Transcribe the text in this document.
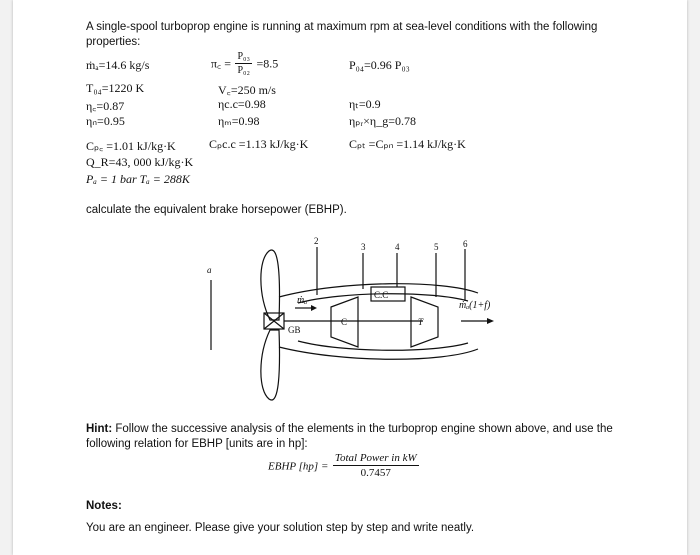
A single-spool turboprop engine is running at maximum rpm at sea-level conditions with the following properties:
ṁₐ=14.6 kg/s	π꜀ = $\frac{\text{P₀₃}}{\text{P₀₂}} =8.5$	P₀₄=0.96 P₀₃
T₀₄=1220 K	V꜀=250 m/s
η꜀=0.87	ηc.c=0.98	ηₜ=0.9
ηₙ=0.95	ηₘ=0.98	ηₚᵣ×η_g=0.78
Cₚ꜀ =1.01 kJ/kg·K	Cₚc.c =1.13 kJ/kg·K	Cₚₜ =Cₚₙ =1.14 kJ/kg·K
Q_R=43, 000 kJ/kg·K
Pₐ = 1 bar Tₐ = 288K
calculate the equivalent brake horsepower (EBHP).
a
2
3	4	5	6
ṁₐ	ṁₐ(1+f)
GB
C
C.C
T
Hint: Follow the successive analysis of the elements in the turboprop engine shown above, and use the following relation for EBHP [units are in hp]:
EBHP $[hp] = \frac{\text{Total Power in kW}}{0.7457}$
Notes:
You are an engineer. Please give your solution step by step and write neatly.
